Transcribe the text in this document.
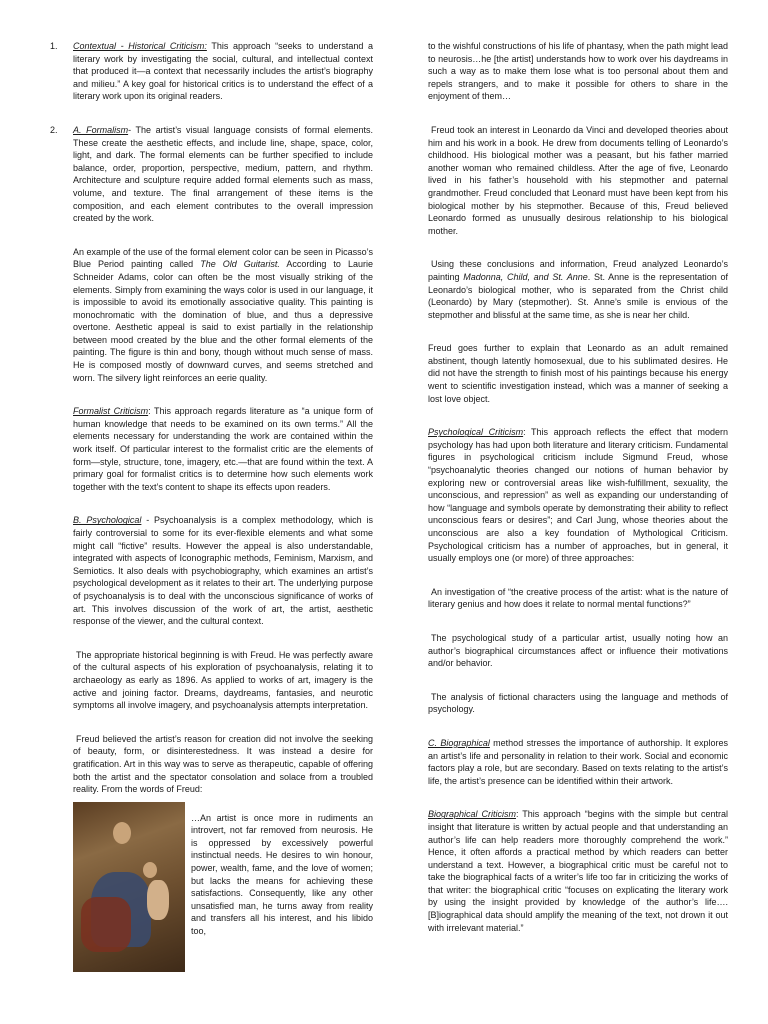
1. Contextual - Historical Criticism: This approach “seeks to understand a literary work by investigating the social, cultural, and intellectual context that produced it—a context that necessarily includes the artist’s biography and milieu.” A key goal for historical critics is to understand the effect of a literary work upon its original readers.

2. A. Formalism- The artist’s visual language consists of formal elements. These create the aesthetic effects, and include line, shape, space, color, light, and dark. The formal elements can be further specified to include balance, order, proportion, perspective, medium, pattern, and rhythm. Architecture and sculpture require added formal elements such as mass, volume, and texture. The final arrangement of these items is the composition, and each element contributes to the overall impression created by the work.

An example of the use of the formal element color can be seen in Picasso’s Blue Period painting called The Old Guitarist. According to Laurie Schneider Adams, color can often be the most visually striking of the elements. Simply from examining the ways color is used in our language, it is impossible to avoid its emotionally associative quality. This painting is monochromatic with the domination of blue, and thus a depressive overtone. Aesthetic appeal is said to exist partially in the relationship between mood created by the blue and the other formal elements of the painting. The figure is thin and bony, though without much sense of mass. He is composed mostly of downward curves, and seems stretched and worn. The silvery light reinforces an eerie quality.

Formalist Criticism: This approach regards literature as “a unique form of human knowledge that needs to be examined on its own terms.” All the elements necessary for understanding the work are contained within the work itself. Of particular interest to the formalist critic are the elements of form—style, structure, tone, imagery, etc.—that are found within the text. A primary goal for formalist critics is to determine how such elements work together with the text’s content to shape its effects upon readers.

B. Psychological - Psychoanalysis is a complex methodology, which is fairly controversial to some for its ever-flexible elements and what some might call “fictive” results. However the appeal is also understandable, integrated with aspects of Iconographic methods, Feminism, Marxism, and Semiotics. It also deals with psychobiography, which examines an artist’s psychological development as it relates to their art. The underlying purpose of psychoanalysis is to deal with the unconscious significance of works of art. This involves discussion of the work of art, the artist, aesthetic response of the viewer, and the cultural context.

The appropriate historical beginning is with Freud. He was perfectly aware of the cultural aspects of his exploration of psychoanalysis, relating it to archaeology as early as 1896. As applied to works of art, imagery is the active and joining factor. Dreams, daydreams, fantasies, and neurotic symptoms all involve imagery, and psychoanalysis attempts interpretation.

Freud believed the artist’s reason for creation did not involve the seeking of beauty, form, or disinterestedness. It was instead a desire for gratification. Art in this way was to serve as therapeutic, capable of offering both the artist and the spectator consolation and solace from a troubled reality. From the words of Freud:

…An artist is once more in rudiments an introvert, not far removed from neurosis. He is oppressed by excessively powerful instinctual needs. He desires to win honour, power, wealth, fame, and the love of women; but lacks the means for achieving these satisfactions. Consequently, like any other unsatisfied man, he turns away from reality and transfers all his interest, and his libido too,

to the wishful constructions of his life of phantasy, when the path might lead to neurosis…he [the artist] understands how to work over his daydreams in such a way as to make them lose what is too personal about them and repels strangers, and to make it possible for others to share in the enjoyment of them…

Freud took an interest in Leonardo da Vinci and developed theories about him and his work in a book. He drew from documents telling of Leonardo’s childhood. His biological mother was a peasant, but his father married another woman who remained childless. After the age of five, Leonardo lived in his father’s household with his stepmother and paternal grandmother. Freud concluded that Leonard must have been kept from his biological mother by his stepmother. Because of this, Freud believed Leonardo formed as unusually desirous relationship to his biological mother.

Using these conclusions and information, Freud analyzed Leonardo’s painting Madonna, Child, and St. Anne. St. Anne is the representation of Leonardo’s biological mother, who is separated from the Christ child (Leonardo) by Mary (stepmother). St. Anne’s smile is envious of the stepmother and blissful at the same time, as she is near her child.

Freud goes further to explain that Leonardo as an adult remained abstinent, though latently homosexual, due to his sublimated desires. He did not have the strength to finish most of his paintings because his energy went to scientific investigation instead, which was a manner of seeking a lost love object.

Psychological Criticism: This approach reflects the effect that modern psychology has had upon both literature and literary criticism. Fundamental figures in psychological criticism include Sigmund Freud, whose “psychoanalytic theories changed our notions of human behavior by exploring new or controversial areas like wish-fulfillment, sexuality, the unconscious, and repression” as well as expanding our understanding of how “language and symbols operate by demonstrating their ability to reflect unconscious fears or desires”; and Carl Jung, whose theories about the unconscious are also a key foundation of Mythological Criticism. Psychological criticism has a number of approaches, but in general, it usually employs one (or more) of three approaches:

An investigation of “the creative process of the artist: what is the nature of literary genius and how does it relate to normal mental functions?”

The psychological study of a particular artist, usually noting how an author’s biographical circumstances affect or influence their motivations and/or behavior.

The analysis of fictional characters using the language and methods of psychology.

C. Biographical method stresses the importance of authorship. It explores an artist’s life and personality in relation to their work. Social and economic factors play a role, but are secondary. Based on texts relating to the artist’s life, the artist’s presence can be identified within their artwork.

Biographical Criticism: This approach “begins with the simple but central insight that literature is written by actual people and that understanding an author’s life can help readers more thoroughly comprehend the work.” Hence, it often affords a practical method by which readers can better understand a text. However, a biographical critic must be careful not to take the biographical facts of a writer’s life too far in criticizing the works of that writer: the biographical critic “focuses on explicating the literary work by using the insight provided by knowledge of the author’s life…. [B]iographical data should amplify the meaning of the text, not drown it out with irrelevant material.”
